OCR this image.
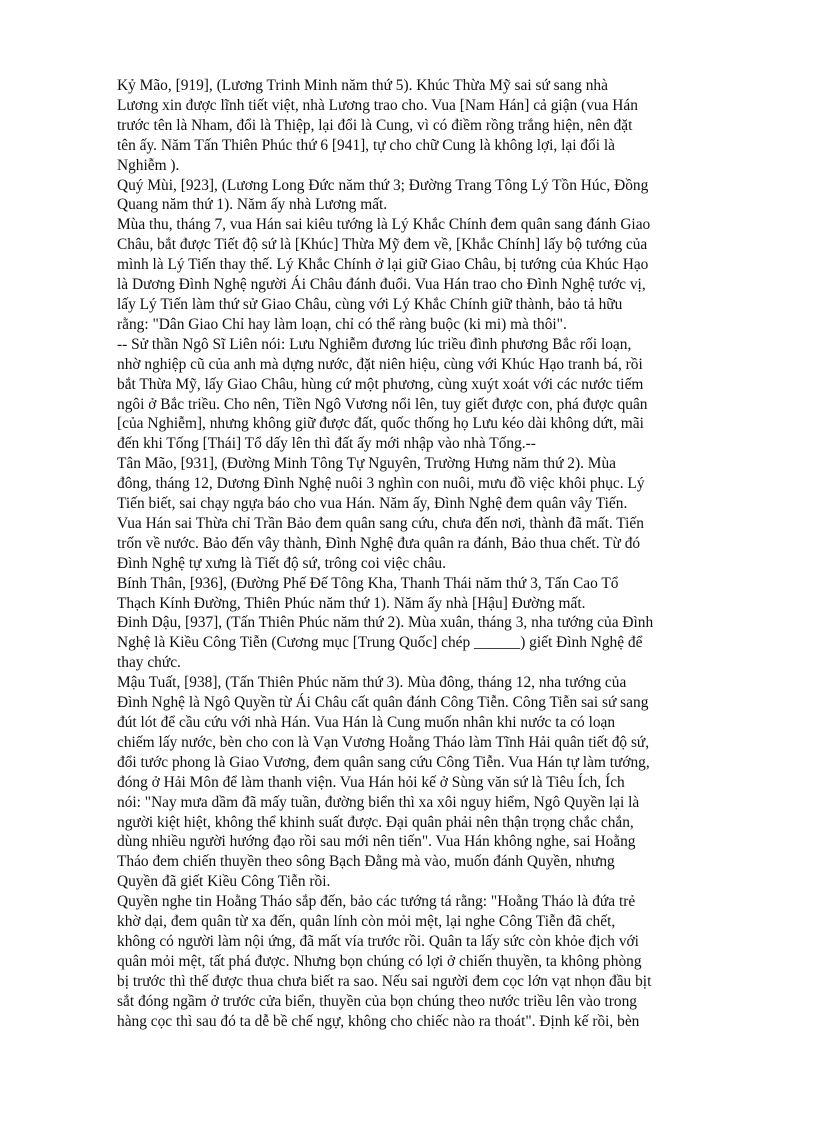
Kỷ Mão, [919], (Lương Trinh Minh năm thứ 5). Khúc Thừa Mỹ sai sứ sang nhà
Lương xin được lĩnh tiết việt, nhà Lương trao cho. Vua [Nam Hán] cả giận (vua Hán
trước tên là Nham, đổi là Thiệp, lại đổi là Cung, vì có điềm rồng trắng hiện, nên đặt
tên ấy. Năm Tấn Thiên Phúc thứ 6 [941], tự cho chữ Cung là không lợi, lại đổi là
Nghiễm ).
Quý Mùi, [923], (Lương Long Đức năm thứ 3; Đường Trang Tông Lý Tồn Húc, Đồng
Quang năm thứ 1). Năm ấy nhà Lương mất.
Mùa thu, tháng 7, vua Hán sai kiêu tướng là Lý Khắc Chính đem quân sang đánh Giao
Châu, bắt được Tiết độ sứ là [Khúc] Thừa Mỹ đem về, [Khắc Chính] lấy bộ tướng của
mình là Lý Tiến thay thế. Lý Khắc Chính ở lại giữ Giao Châu, bị tướng của Khúc Hạo
là Dương Đình Nghệ người Ái Châu đánh đuổi. Vua Hán trao cho Đình Nghệ tước vị,
lấy Lý Tiến làm thứ sử Giao Châu, cùng với Lý Khắc Chính giữ thành, bảo tả hữu
rằng: "Dân Giao Chỉ hay làm loạn, chỉ có thể ràng buộc (ki mi) mà thôi".
-- Sử thần Ngô Sĩ Liên nói: Lưu Nghiễm đương lúc triều đình phương Bắc rối loạn,
nhờ nghiệp cũ của anh mà dựng nước, đặt niên hiệu, cùng với Khúc Hạo tranh bá, rồi
bắt Thừa Mỹ, lấy Giao Châu, hùng cứ một phương, cùng xuýt xoát với các nước tiếm
ngôi ở Bắc triều. Cho nên, Tiền Ngô Vương nổi lên, tuy giết được con, phá được quân
[của Nghiễm], nhưng không giữ được đất, quốc thống họ Lưu kéo dài không dứt, mãi
đến khi Tống [Thái] Tổ dấy lên thì đất ấy mới nhập vào nhà Tống.--
Tân Mão, [931], (Đường Minh Tông Tự Nguyên, Trường Hưng năm thứ 2). Mùa
đông, tháng 12, Dương Đình Nghệ nuôi 3 nghìn con nuôi, mưu đồ việc khôi phục. Lý
Tiến biết, sai chạy ngựa báo cho vua Hán. Năm ấy, Đình Nghệ đem quân vây Tiến.
Vua Hán sai Thừa chỉ Trần Bảo đem quân sang cứu, chưa đến nơi, thành đã mất. Tiến
trốn về nước. Bảo đến vây thành, Đình Nghệ đưa quân ra đánh, Bảo thua chết. Từ đó
Đình Nghệ tự xưng là Tiết độ sứ, trông coi việc châu.
Bính Thân, [936], (Đường Phế Đế Tông Kha, Thanh Thái năm thứ 3, Tấn Cao Tổ
Thạch Kính Đường, Thiên Phúc năm thứ 1). Năm ấy nhà [Hậu] Đường mất.
Đinh Dậu, [937], (Tấn Thiên Phúc năm thứ 2). Mùa xuân, tháng 3, nha tướng của Đình
Nghệ là Kiều Công Tiễn (Cương mục [Trung Quốc] chép ______) giết Đình Nghệ để
thay chức.
Mậu Tuất, [938], (Tấn Thiên Phúc năm thứ 3). Mùa đông, tháng 12, nha tướng của
Đình Nghệ là Ngô Quyền từ Ái Châu cất quân đánh Công Tiễn. Công Tiễn sai sứ sang
đút lót để cầu cứu với nhà Hán. Vua Hán là Cung muốn nhân khi nước ta có loạn
chiếm lấy nước, bèn cho con là Vạn Vương Hoằng Tháo làm Tĩnh Hải quân tiết độ sứ,
đổi tước phong là Giao Vương, đem quân sang cứu Công Tiễn. Vua Hán tự làm tướng,
đóng ở Hải Môn để làm thanh viện. Vua Hán hỏi kế ở Sùng văn sứ là Tiêu Ích, Ích
nói: "Nay mưa dầm đã mấy tuần, đường biển thì xa xôi nguy hiểm, Ngô Quyền lại là
người kiệt hiệt, không thể khinh suất được. Đại quân phải nên thận trọng chắc chắn,
dùng nhiều người hướng đạo rồi sau mới nên tiến". Vua Hán không nghe, sai Hoằng
Tháo đem chiến thuyền theo sông Bạch Đằng mà vào, muốn đánh Quyền, nhưng
Quyền đã giết Kiều Công Tiễn rồi.
Quyền nghe tin Hoằng Tháo sắp đến, bảo các tướng tá rằng: "Hoằng Tháo là đứa trẻ
khờ dại, đem quân từ xa đến, quân lính còn mỏi mệt, lại nghe Công Tiễn đã chết,
không có người làm nội ứng, đã mất vía trước rồi. Quân ta lấy sức còn khỏe địch với
quân mỏi mệt, tất phá được. Nhưng bọn chúng có lợi ở chiến thuyền, ta không phòng
bị trước thì thế được thua chưa biết ra sao. Nếu sai người đem cọc lớn vạt nhọn đầu bịt
sắt đóng ngầm ở trước cửa biển, thuyền của bọn chúng theo nước triều lên vào trong
hàng cọc thì sau đó ta dễ bề chế ngự, không cho chiếc nào ra thoát". Định kế rồi, bèn
